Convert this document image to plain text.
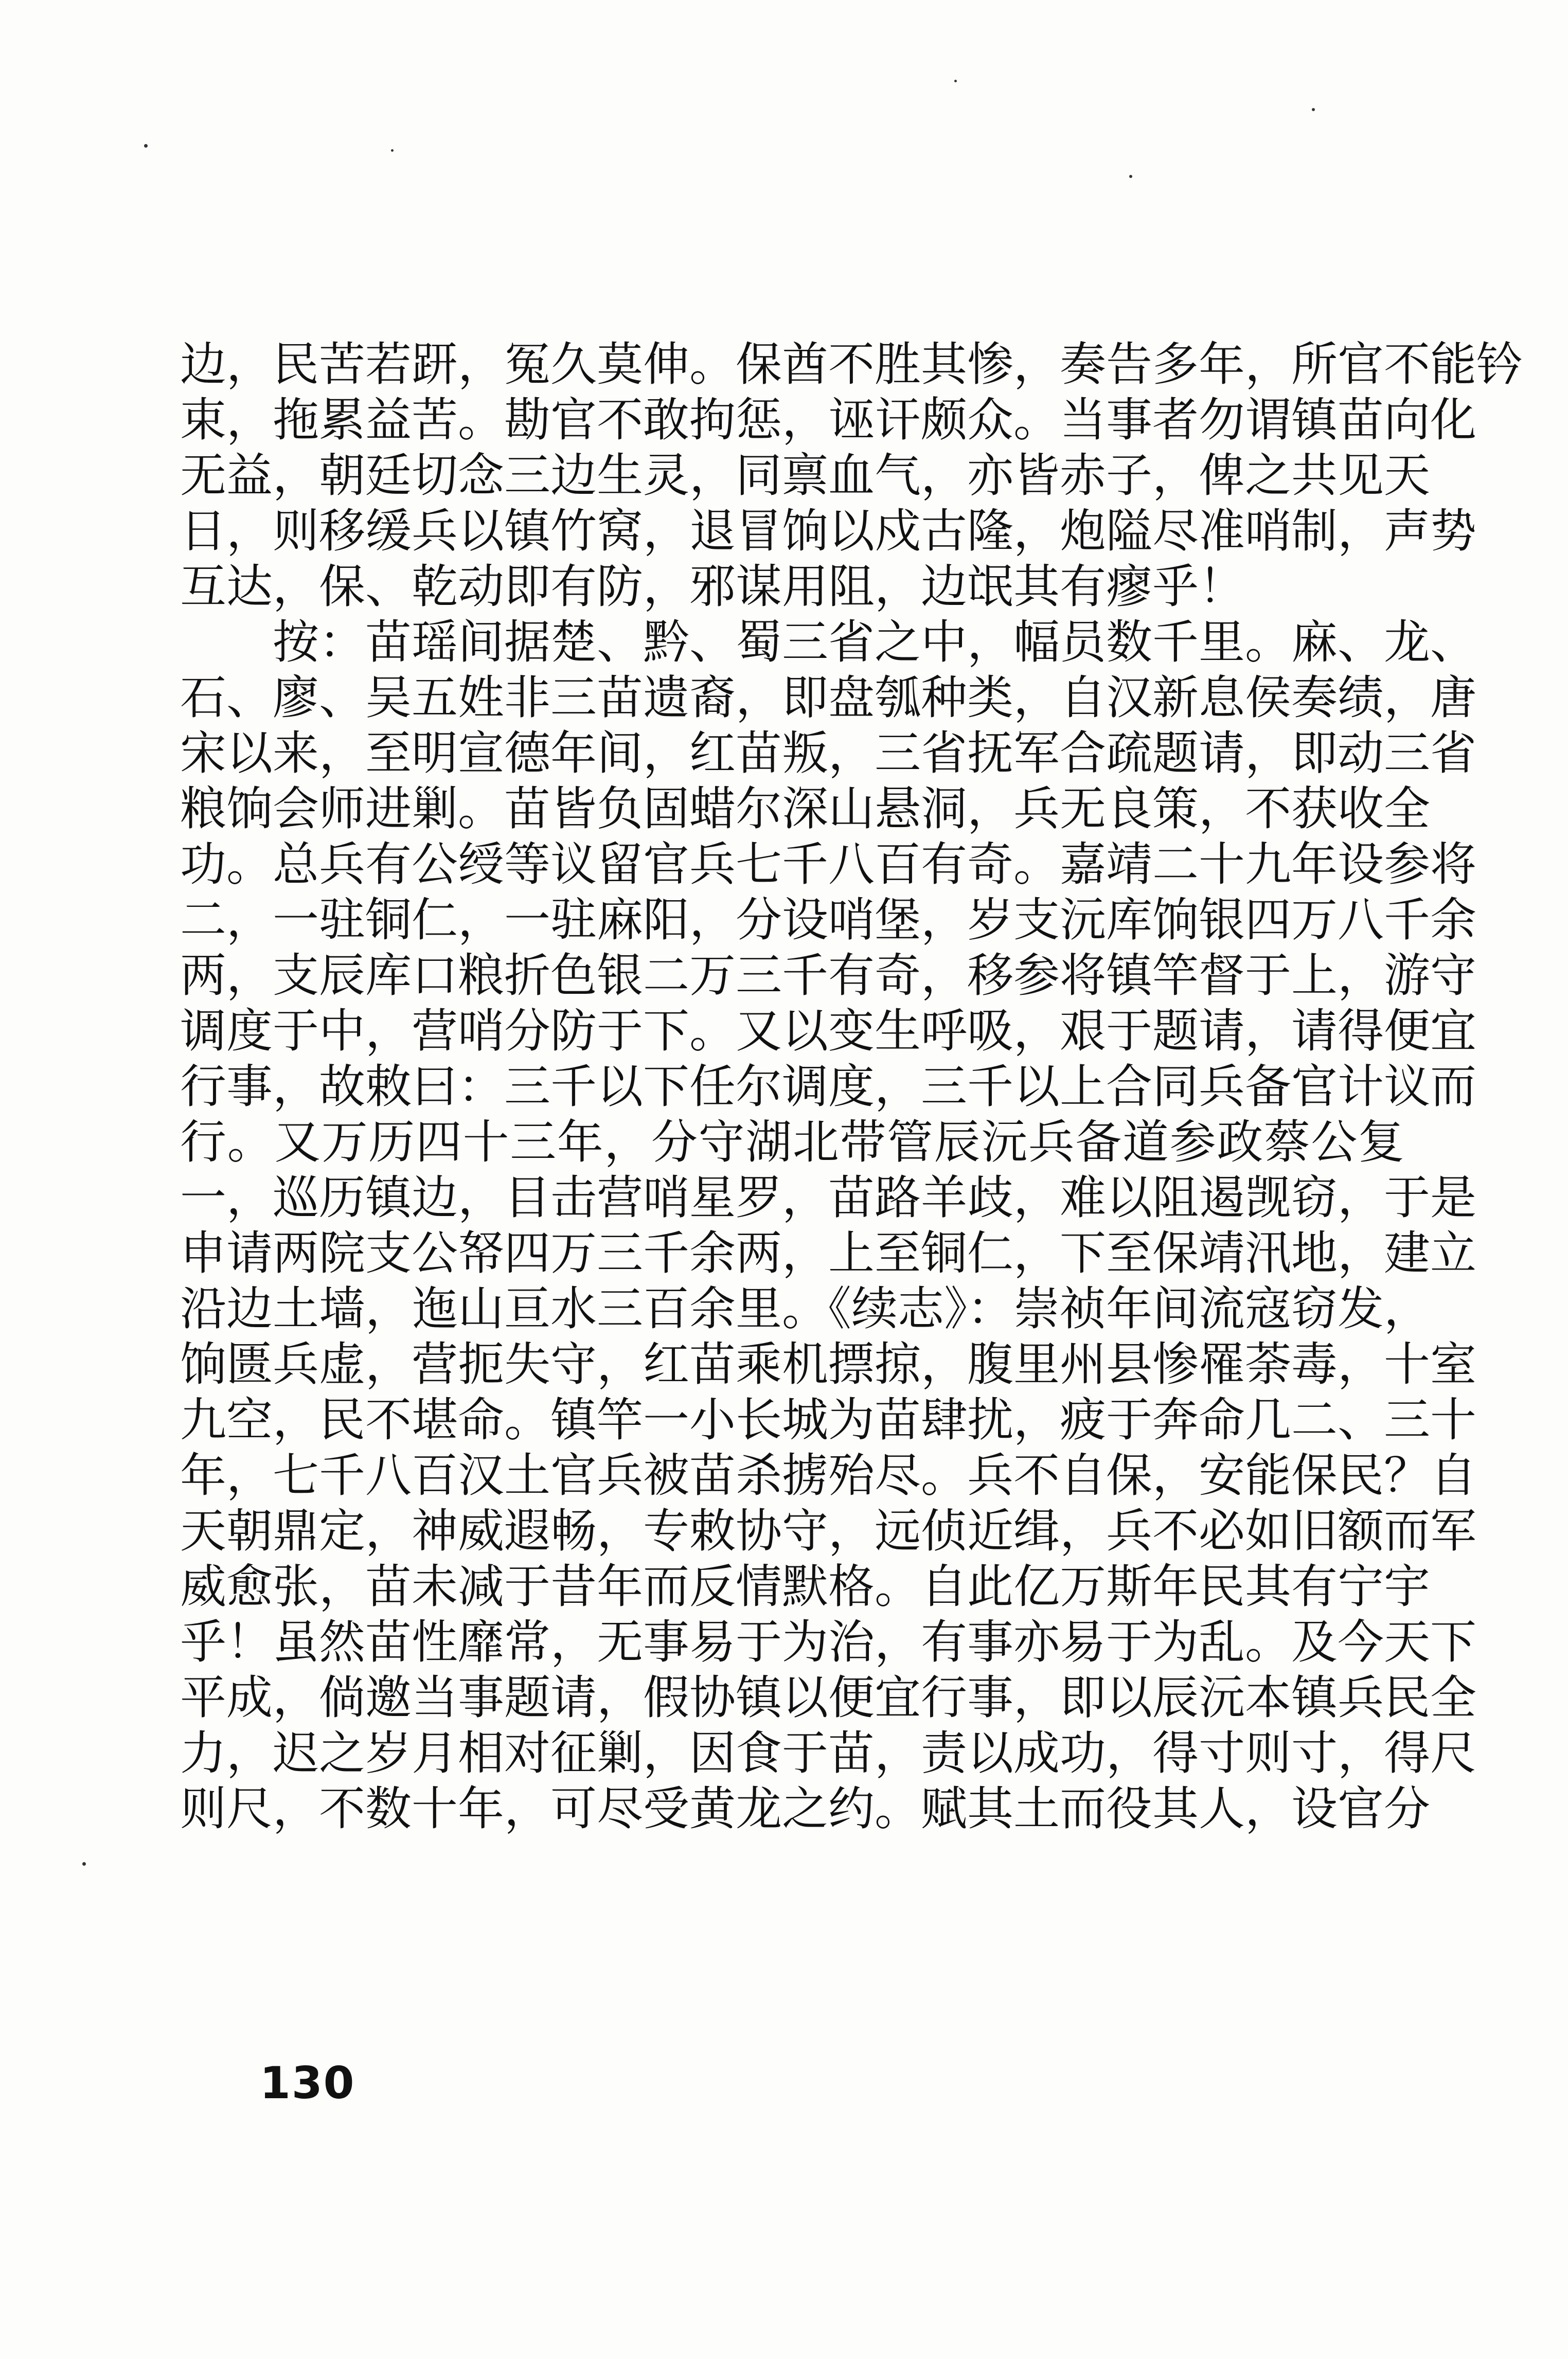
边，民苦若趼，冤久莫伸。保酋不胜其惨，奏告多年，所官不能钤
束，拖累益苦。勘官不敢拘惩，诬讦颇众。当事者勿谓镇苗向化
无益，朝廷切念三边生灵，同禀血气，亦皆赤子，俾之共见天
日，则移缓兵以镇竹窝，退冒饷以戍古隆，炮隘尽准哨制，声势
互达，保、乾动即有防，邪谋用阻，边氓其有瘳乎！
　　按：苗瑶间据楚、黔、蜀三省之中，幅员数千里。麻、龙、
石、廖、吴五姓非三苗遗裔，即盘瓠种类，自汉新息侯奏绩，唐
宋以来，至明宣德年间，红苗叛，三省抚军合疏题请，即动三省
粮饷会师进剿。苗皆负固蜡尔深山悬洞，兵无良策，不获收全
功。总兵有公绶等议留官兵七千八百有奇。嘉靖二十九年设参将
二，一驻铜仁，一驻麻阳，分设哨堡，岁支沅库饷银四万八千余
两，支辰库口粮折色银二万三千有奇，移参将镇竿督于上，游守
调度于中，营哨分防于下。又以变生呼吸，艰于题请，请得便宜
行事，故敕曰：三千以下任尔调度，三千以上合同兵备官计议而
行。又万历四十三年，分守湖北带管辰沅兵备道参政蔡公复
一，巡历镇边，目击营哨星罗，苗路羊歧，难以阻遏觊窃，于是
申请两院支公帑四万三千余两，上至铜仁，下至保靖汛地，建立
沿边土墙，迤山亘水三百余里。《续志》：崇祯年间流寇窃发，
饷匮兵虚，营扼失守，红苗乘机摽掠，腹里州县惨罹荼毒，十室
九空，民不堪命。镇竿一小长城为苗肆扰，疲于奔命几二、三十
年，七千八百汉土官兵被苗杀掳殆尽。兵不自保，安能保民？自
天朝鼎定，神威遐畅，专敕协守，远侦近缉，兵不必如旧额而军
威愈张，苗未减于昔年而反情默格。自此亿万斯年民其有宁宇
乎！虽然苗性靡常，无事易于为治，有事亦易于为乱。及今天下
平成，倘邀当事题请，假协镇以便宜行事，即以辰沅本镇兵民全
力，迟之岁月相对征剿，因食于苗，责以成功，得寸则寸，得尺
则尺，不数十年，可尽受黄龙之约。赋其土而役其人，设官分
130
